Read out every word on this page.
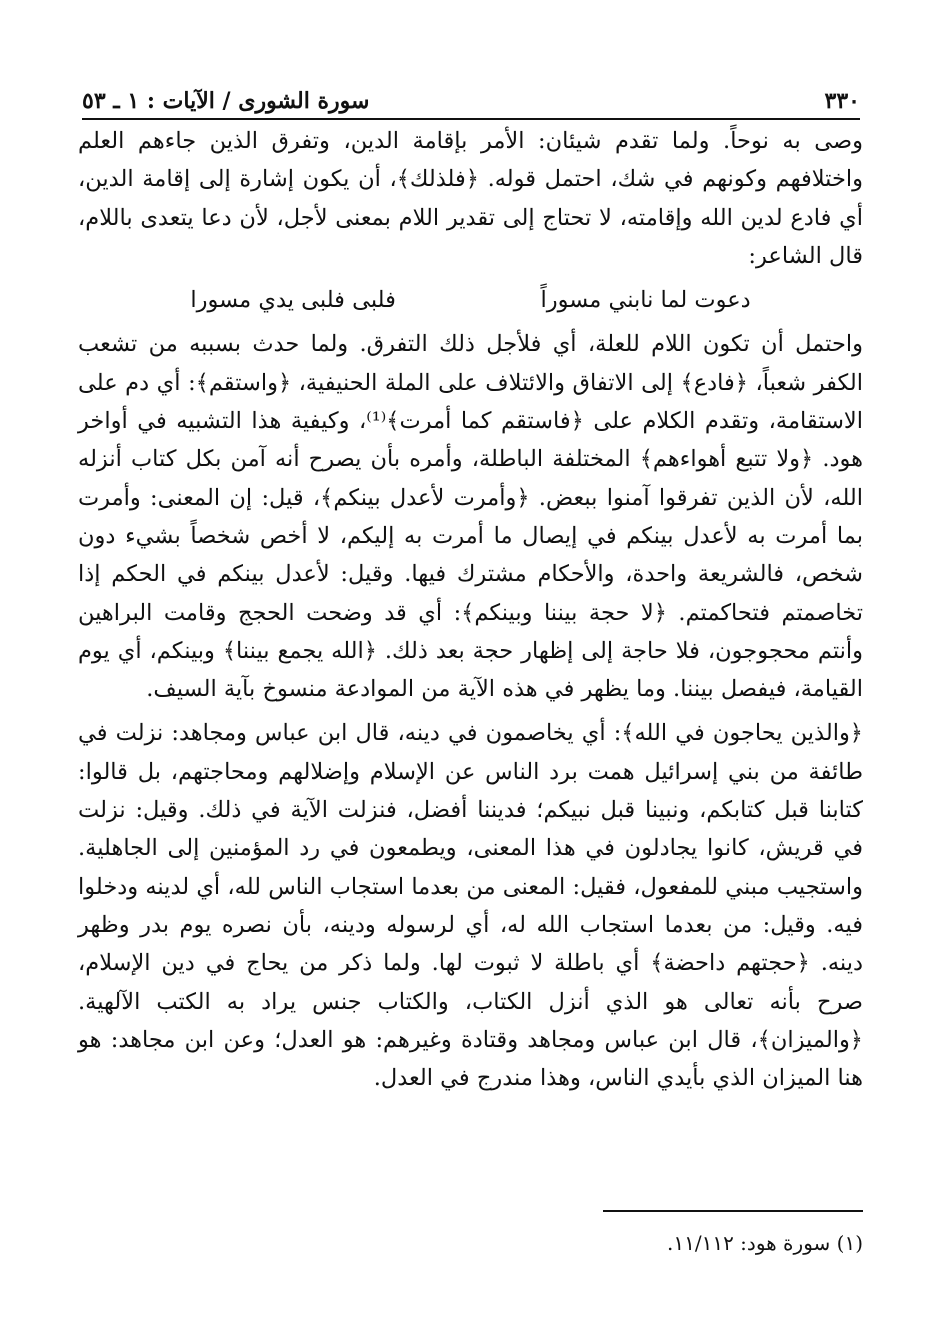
٣٣٠
سورة الشورى / الآيات : ١ ـ ٥٣

وصى به نوحاً. ولما تقدم شيئان: الأمر بإقامة الدين، وتفرق الذين جاءهم العلم واختلافهم وكونهم في شك، احتمل قوله. ﴿فلذلك﴾، أن يكون إشارة إلى إقامة الدين، أي فادع لدين الله وإقامته، لا تحتاج إلى تقدير اللام بمعنى لأجل، لأن دعا يتعدى باللام، قال الشاعر:

دعوت لما نابني مسوراً
فلبى فلبى يدي مسورا

واحتمل أن تكون اللام للعلة، أي فلأجل ذلك التفرق. ولما حدث بسببه من تشعب الكفر شعباً، ﴿فادع﴾ إلى الاتفاق والائتلاف على الملة الحنيفية، ﴿واستقم﴾: أي دم على الاستقامة، وتقدم الكلام على ﴿فاستقم كما أمرت﴾⁽¹⁾، وكيفية هذا التشبيه في أواخر هود. ﴿ولا تتبع أهواءهم﴾ المختلفة الباطلة، وأمره بأن يصرح أنه آمن بكل كتاب أنزله الله، لأن الذين تفرقوا آمنوا ببعض. ﴿وأمرت لأعدل بينكم﴾، قيل: إن المعنى: وأمرت بما أمرت به لأعدل بينكم في إيصال ما أمرت به إليكم، لا أخص شخصاً بشيء دون شخص، فالشريعة واحدة، والأحكام مشترك فيها. وقيل: لأعدل بينكم في الحكم إذا تخاصمتم فتحاكمتم. ﴿لا حجة بيننا وبينكم﴾: أي قد وضحت الحجج وقامت البراهين وأنتم محجوجون، فلا حاجة إلى إظهار حجة بعد ذلك. ﴿الله يجمع بيننا﴾ وبينكم، أي يوم القيامة، فيفصل بيننا. وما يظهر في هذه الآية من الموادعة منسوخ بآية السيف.

﴿والذين يحاجون في الله﴾: أي يخاصمون في دينه، قال ابن عباس ومجاهد: نزلت في طائفة من بني إسرائيل همت برد الناس عن الإسلام وإضلالهم ومحاجتهم، بل قالوا: كتابنا قبل كتابكم، ونبينا قبل نبيكم؛ فديننا أفضل، فنزلت الآية في ذلك. وقيل: نزلت في قريش، كانوا يجادلون في هذا المعنى، ويطمعون في رد المؤمنين إلى الجاهلية. واستجيب مبني للمفعول، فقيل: المعنى من بعدما استجاب الناس لله، أي لدينه ودخلوا فيه. وقيل: من بعدما استجاب الله له، أي لرسوله ودينه، بأن نصره يوم بدر وظهر دينه. ﴿حجتهم داحضة﴾ أي باطلة لا ثبوت لها. ولما ذكر من يحاج في دين الإسلام، صرح بأنه تعالى هو الذي أنزل الكتاب، والكتاب جنس يراد به الكتب الآلهية. ﴿والميزان﴾، قال ابن عباس ومجاهد وقتادة وغيرهم: هو العدل؛ وعن ابن مجاهد: هو هنا الميزان الذي بأيدي الناس، وهذا مندرج في العدل.

(١) سورة هود: ١١/١١٢.
